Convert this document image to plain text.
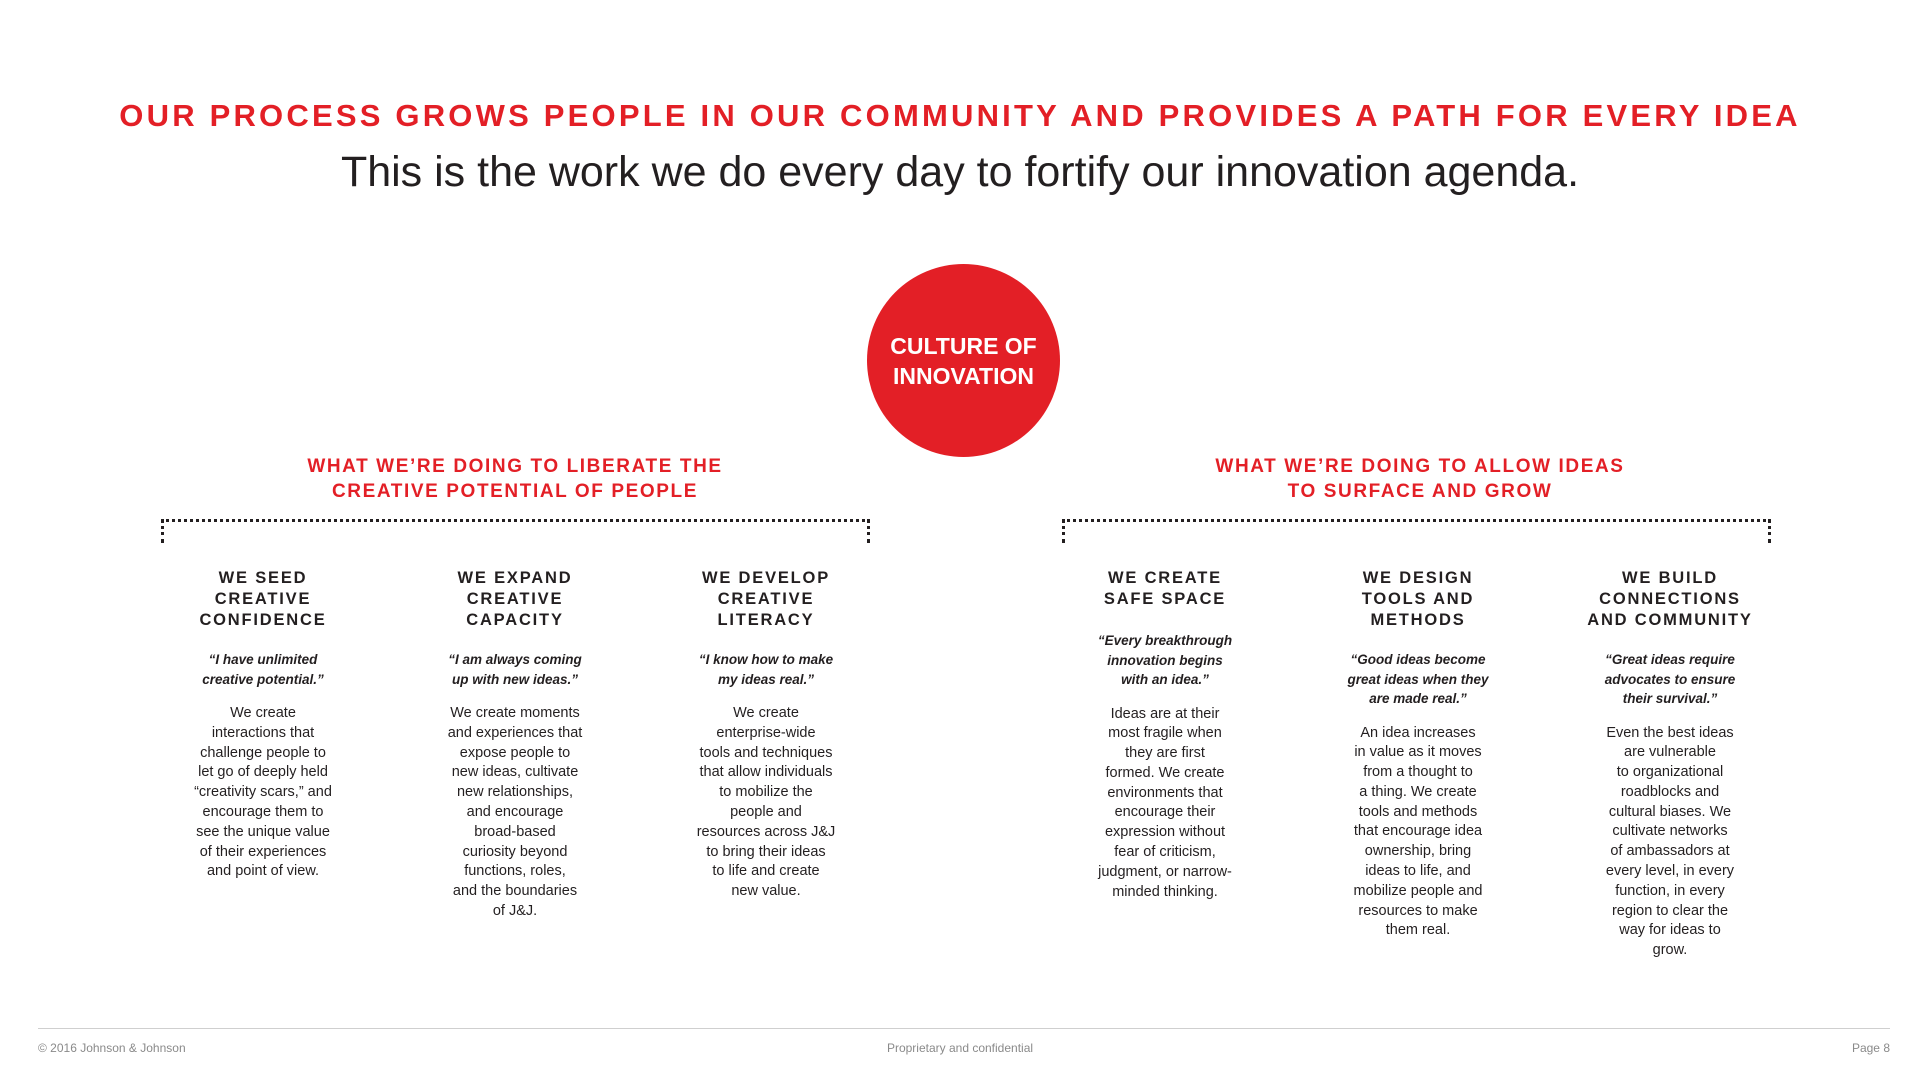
OUR PROCESS GROWS PEOPLE IN OUR COMMUNITY AND PROVIDES A PATH FOR EVERY IDEA
This is the work we do every day to fortify our innovation agenda.
CULTURE OF
INNOVATION
WHAT WE’RE DOING TO LIBERATE THE
CREATIVE POTENTIAL OF PEOPLE
WE SEED
CREATIVE
CONFIDENCE
“I have unlimited
creative potential.”
We create
interactions that
challenge people to
let go of deeply held
“creativity scars,” and
encourage them to
see the unique value
of their experiences
and point of view.
WE EXPAND
CREATIVE
CAPACITY
“I am always coming
up with new ideas.”
We create moments
and experiences that
expose people to
new ideas, cultivate
new relationships,
and encourage
broad-based
curiosity beyond
functions, roles,
and the boundaries
of J&J.
WE DEVELOP
CREATIVE
LITERACY
“I know how to make
my ideas real.”
We create
enterprise-wide
tools and techniques
that allow individuals
to mobilize the
people and
resources across J&J
to bring their ideas
to life and create
new value.
WHAT WE’RE DOING TO ALLOW IDEAS
TO SURFACE AND GROW
WE CREATE
SAFE SPACE
“Every breakthrough
innovation begins
with an idea.”
Ideas are at their
most fragile when
they are first
formed. We create
environments that
encourage their
expression without
fear of criticism,
judgment, or narrow-
minded thinking.
WE DESIGN
TOOLS AND
METHODS
“Good ideas become
great ideas when they
are made real.”
An idea increases
in value as it moves
from a thought to
a thing. We create
tools and methods
that encourage idea
ownership, bring
ideas to life, and
mobilize people and
resources to make
them real.
WE BUILD
CONNECTIONS
AND COMMUNITY
“Great ideas require
advocates to ensure
their survival.”
Even the best ideas
are vulnerable
to organizational
roadblocks and
cultural biases. We
cultivate networks
of ambassadors at
every level, in every
function, in every
region to clear the
way for ideas to
grow.
© 2016 Johnson & Johnson	Proprietary and confidential	Page 8
